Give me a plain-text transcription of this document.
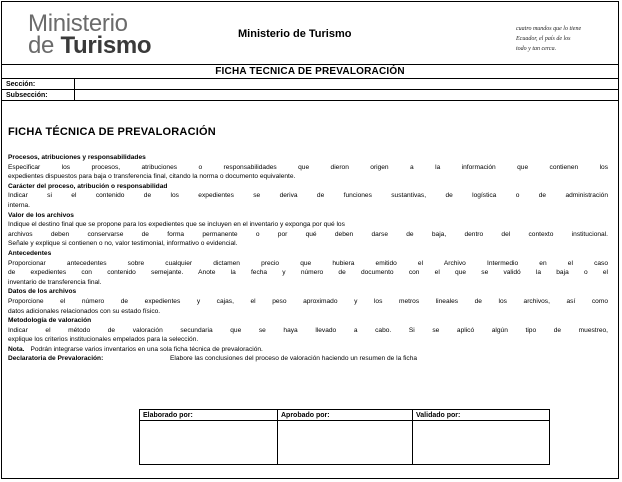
Ministerio
de Turismo	Ministerio de Turismo	cuatro mundos que lo tiene
Ecuador, el país de los
todo y tan cerca.
FICHA TECNICA DE PREVALORACIÓN
Sección:
Subsección:
FICHA TÉCNICA DE PREVALORACIÓN
Procesos, atribuciones y responsabilidades
Especificar los procesos, atribuciones o responsabilidades que dieron origen a la información que contienen los
expedientes dispuestos para baja o transferencia final, citando la norma o documento equivalente.
Carácter del proceso, atribución o responsabilidad
Indicar si el contenido de los expedientes se deriva de funciones sustantivas, de logística o de administración
interna.
Valor de los archivos
Indique el destino final que se propone para los expedientes que se incluyen en el inventario y exponga por qué los
archivos deben conservarse de forma permanente o por qué deben darse de baja, dentro del contexto institucional.
Señale y explique si contienen o no, valor testimonial, informativo o evidencial.
Antecedentes
Proporcionar antecedentes sobre cualquier dictamen precio que hubiera emitido el Archivo Intermedio en el caso
de expedientes con contenido semejante. Anote la fecha y número de documento con el que se validó la baja o el
inventario de transferencia final.
Datos de los archivos
Proporcione el número de expedientes y cajas, el peso aproximado y los metros lineales de los archivos, así como
datos adicionales relacionados con su estado físico.
Metodología de valoración
Indicar el método de valoración secundaria que se haya llevado a cabo. Si se aplicó algún tipo de muestreo,
explique los criterios institucionales empelados para la selección.
Nota. Podrán integrarse varios inventarios en una sola ficha técnica de prevaloración.
Declaratoria de Prevaloración:	Elabore las conclusiones del proceso de valoración haciendo un resumen de la ficha
Elaborado por:	Aprobado por:	Validado por:
